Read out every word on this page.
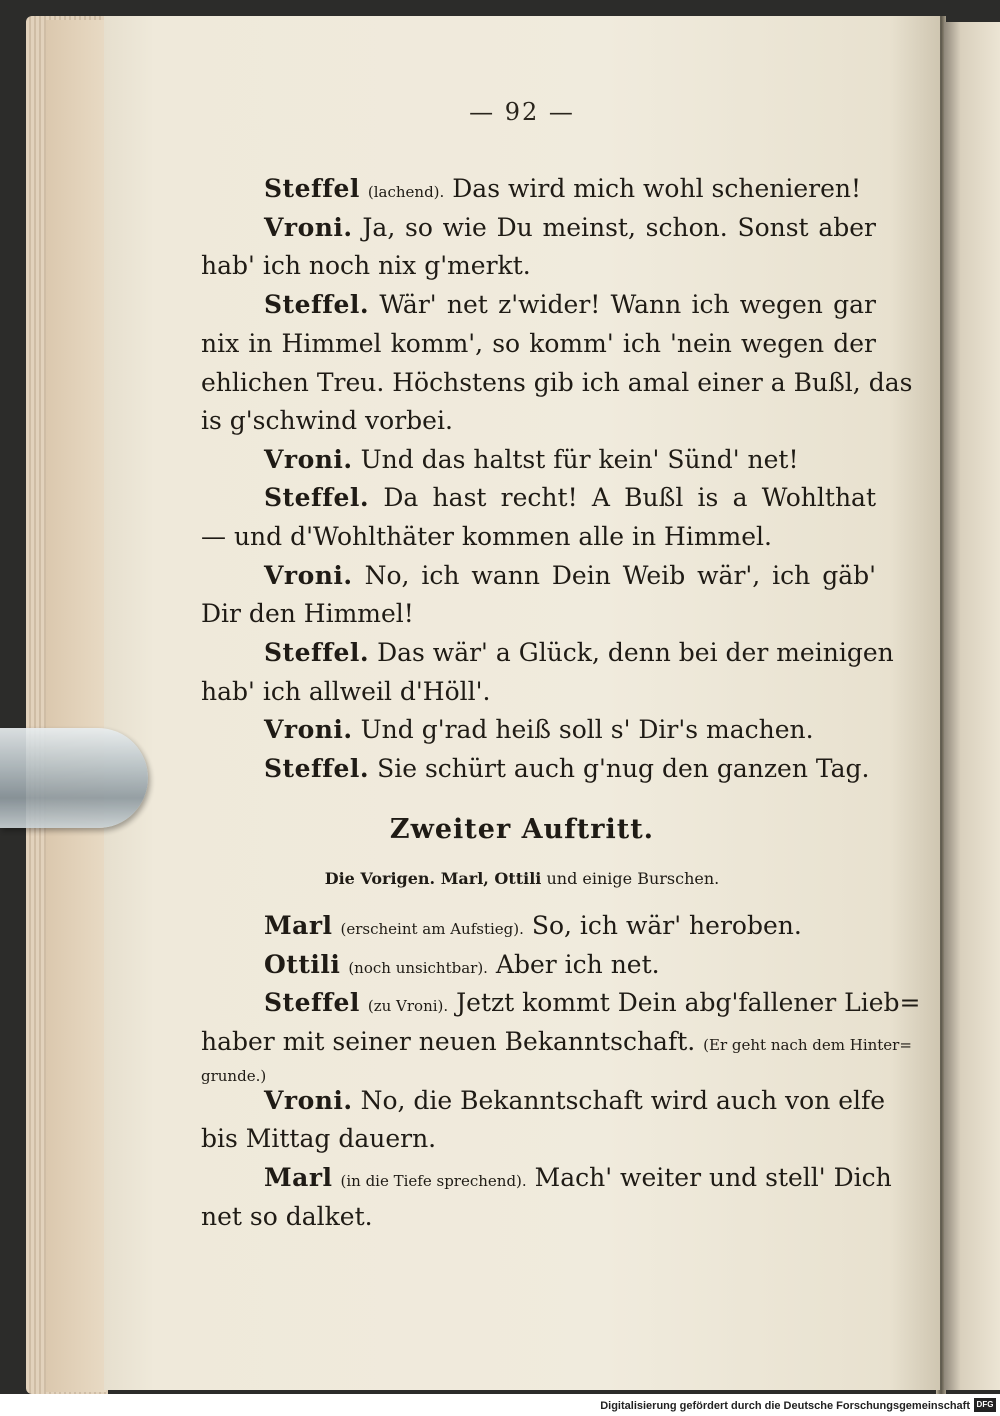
— 92 —
Steffel (lachend). Das wird mich wohl schenieren!
Vroni. Ja, so wie Du meinst, schon. Sonst aber
hab' ich noch nix g'merkt.
Steffel. Wär' net z'wider! Wann ich wegen gar
nix in Himmel komm', so komm' ich 'nein wegen der
ehlichen Treu. Höchstens gib ich amal einer a Bußl, das
is g'schwind vorbei.
Vroni. Und das haltst für kein' Sünd' net!
Steffel. Da hast recht! A Bußl is a Wohlthat
— und d'Wohlthäter kommen alle in Himmel.
Vroni. No, ich wann Dein Weib wär', ich gäb'
Dir den Himmel!
Steffel. Das wär' a Glück, denn bei der meinigen
hab' ich allweil d'Höll'.
Vroni. Und g'rad heiß soll s' Dir's machen.
Steffel. Sie schürt auch g'nug den ganzen Tag.
Zweiter Auftritt.
Die Vorigen. Marl, Ottili und einige Burschen.
Marl (erscheint am Aufstieg). So, ich wär' heroben.
Ottili (noch unsichtbar). Aber ich net.
Steffel (zu Vroni). Jetzt kommt Dein abg'fallener Lieb=
haber mit seiner neuen Bekanntschaft. (Er geht nach dem Hinter=
grunde.)
Vroni. No, die Bekanntschaft wird auch von elfe
bis Mittag dauern.
Marl (in die Tiefe sprechend). Mach' weiter und stell' Dich
net so dalket.
Digitalisierung gefördert durch die Deutsche Forschungsgemeinschaft DFG
